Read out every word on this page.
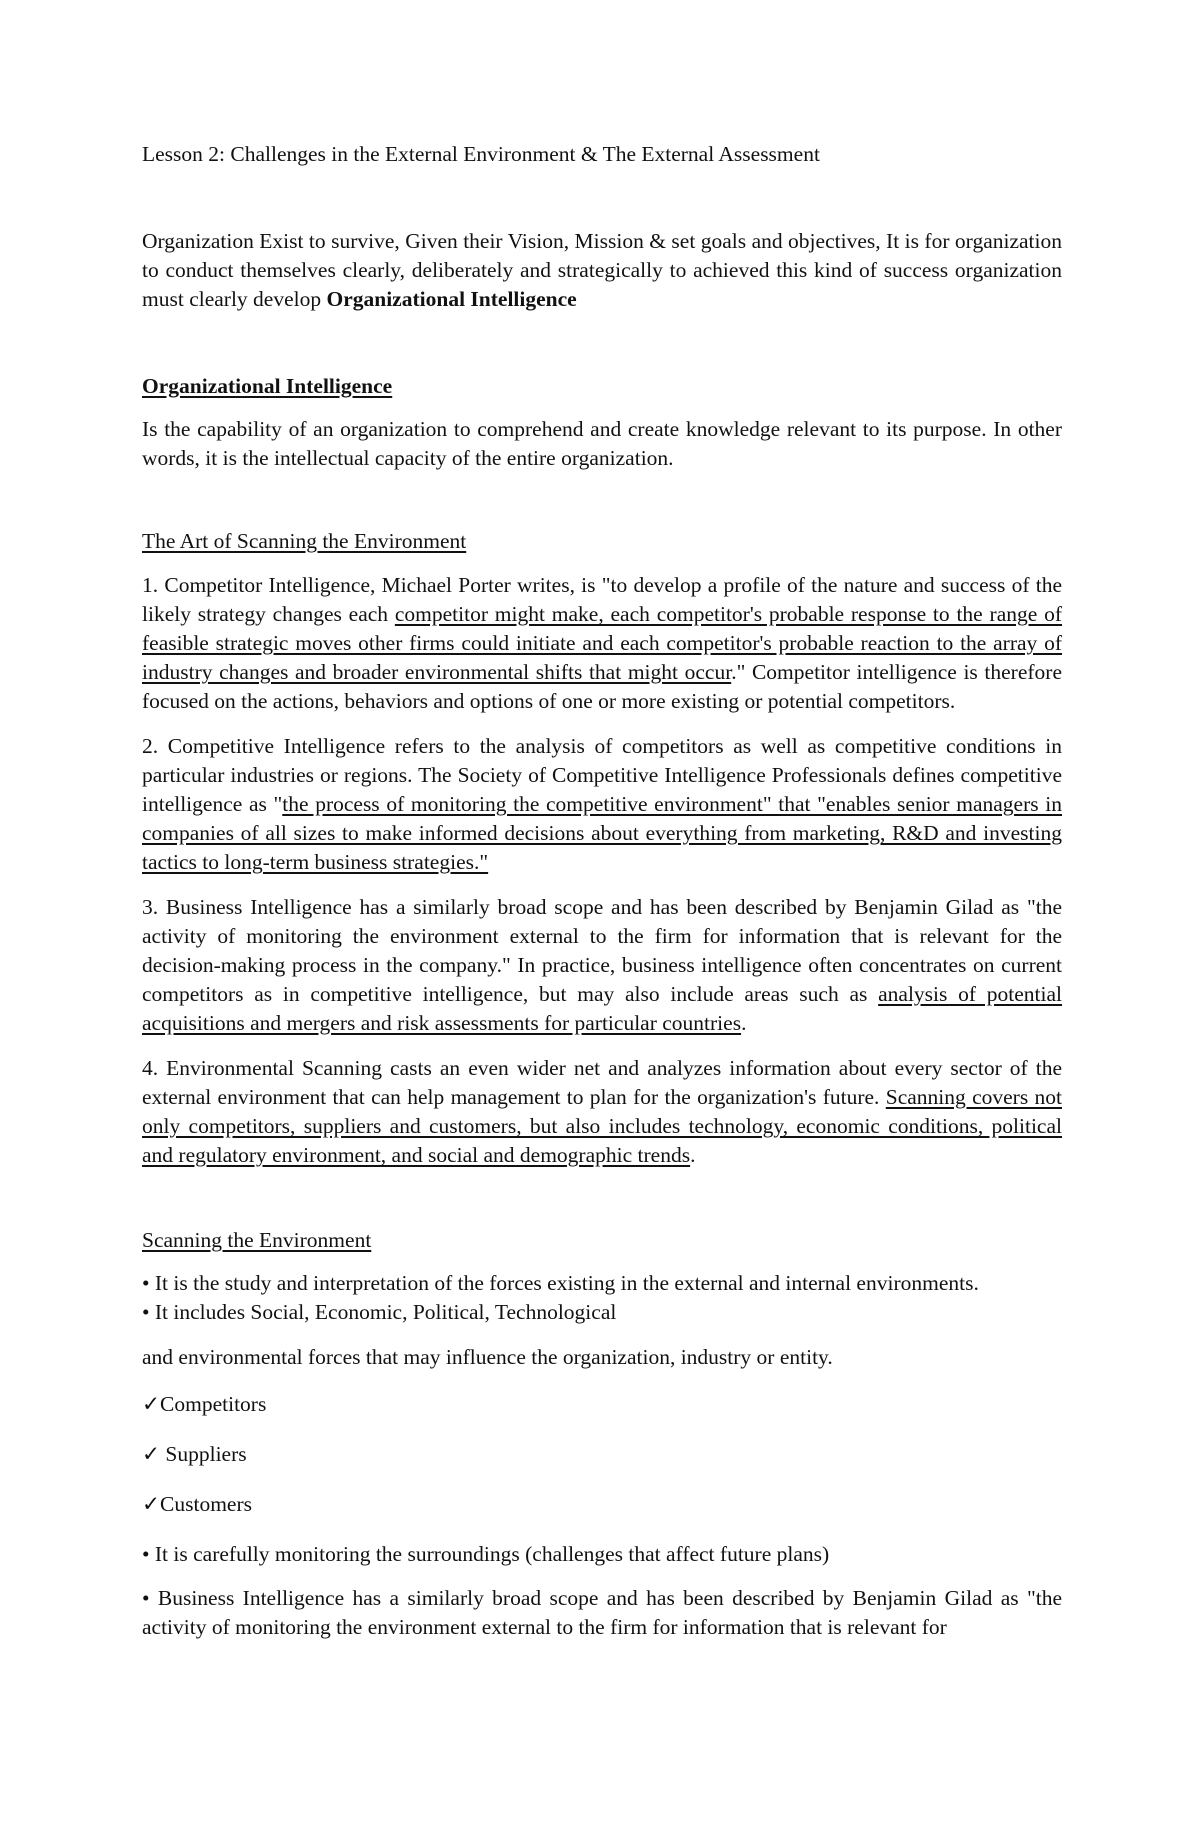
Lesson 2: Challenges in the External Environment & The External Assessment

Organization Exist to survive, Given their Vision, Mission & set goals and objectives, It is for organization to conduct themselves clearly, deliberately and strategically to achieved this kind of success organization must clearly develop Organizational Intelligence

Organizational Intelligence

Is the capability of an organization to comprehend and create knowledge relevant to its purpose. In other words, it is the intellectual capacity of the entire organization.

The Art of Scanning the Environment

1. Competitor Intelligence, Michael Porter writes, is "to develop a profile of the nature and success of the likely strategy changes each competitor might make, each competitor's probable response to the range of feasible strategic moves other firms could initiate and each competitor's probable reaction to the array of industry changes and broader environmental shifts that might occur." Competitor intelligence is therefore focused on the actions, behaviors and options of one or more existing or potential competitors.

2. Competitive Intelligence refers to the analysis of competitors as well as competitive conditions in particular industries or regions. The Society of Competitive Intelligence Professionals defines competitive intelligence as "the process of monitoring the competitive environment" that "enables senior managers in companies of all sizes to make informed decisions about everything from marketing, R&D and investing tactics to long-term business strategies."

3. Business Intelligence has a similarly broad scope and has been described by Benjamin Gilad as "the activity of monitoring the environment external to the firm for information that is relevant for the decision-making process in the company." In practice, business intelligence often concentrates on current competitors as in competitive intelligence, but may also include areas such as analysis of potential acquisitions and mergers and risk assessments for particular countries.

4. Environmental Scanning casts an even wider net and analyzes information about every sector of the external environment that can help management to plan for the organization's future. Scanning covers not only competitors, suppliers and customers, but also includes technology, economic conditions, political and regulatory environment, and social and demographic trends.

Scanning the Environment

• It is the study and interpretation of the forces existing in the external and internal environments.

• It includes Social, Economic, Political, Technological

and environmental forces that may influence the organization, industry or entity.

✓Competitors

✓ Suppliers

✓Customers

• It is carefully monitoring the surroundings (challenges that affect future plans)

• Business Intelligence has a similarly broad scope and has been described by Benjamin Gilad as "the activity of monitoring the environment external to the firm for information that is relevant for
